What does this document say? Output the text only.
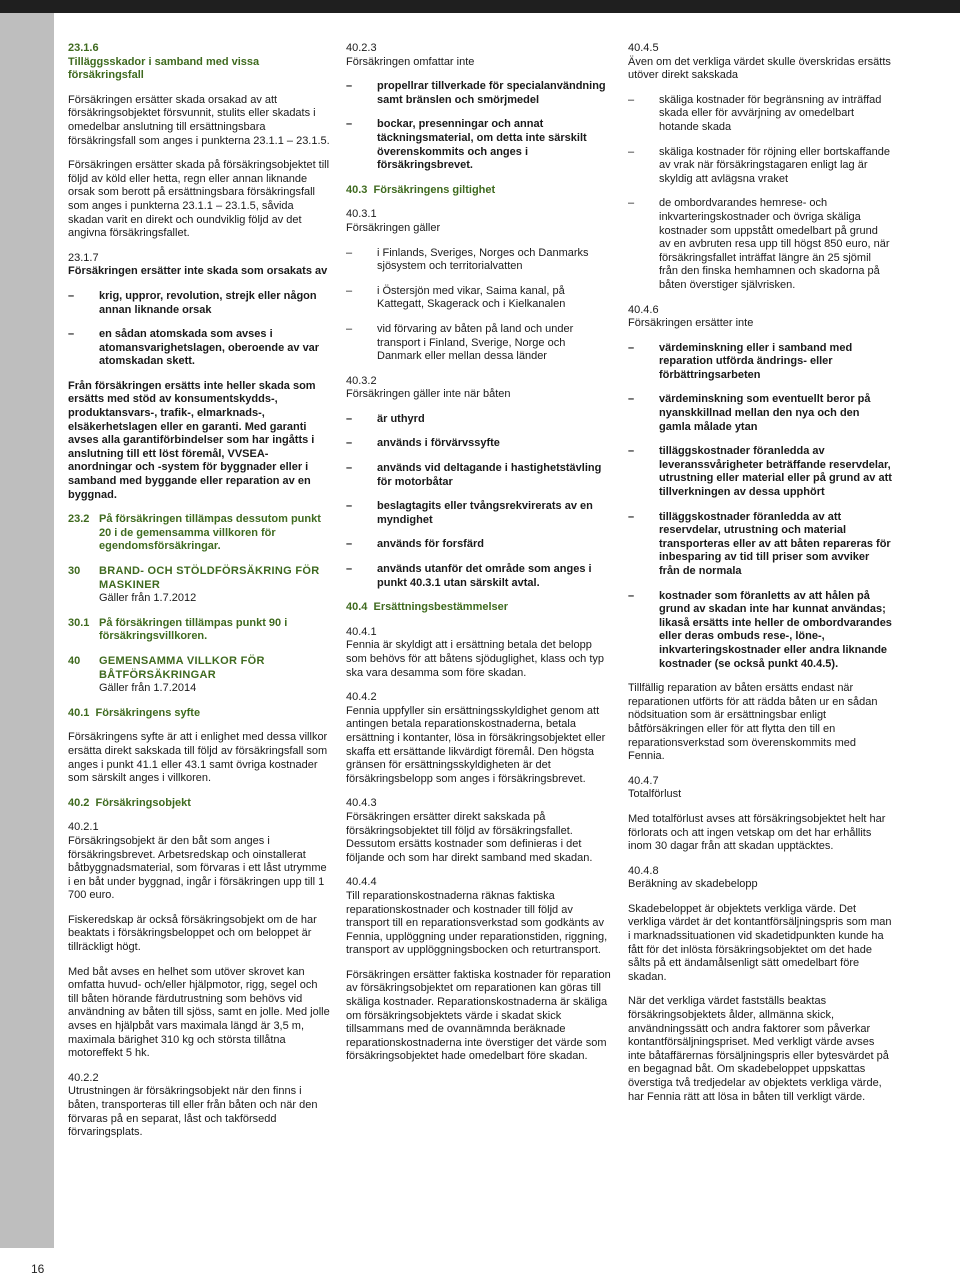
23.1.6
Tilläggsskador i samband med vissa försäkringsfall

Försäkringen ersätter skada orsakad av att försäkringsobjektet försvunnit, stulits eller skadats i omedelbar anslutning till ersättningsbara försäkringsfall som anges i punkterna 23.1.1 – 23.1.5.

Försäkringen ersätter skada på försäkringsobjektet till följd av köld eller hetta, regn eller annan liknande orsak som berott på ersättningsbara försäkringsfall som anges i punkterna 23.1.1 – 23.1.5, såvida skadan varit en direkt och oundviklig följd av det angivna försäkringsfallet.

23.1.7
Försäkringen ersätter inte skada som orsakats av
– krig, uppror, revolution, strejk eller någon annan liknande orsak
– en sådan atomskada som avses i atomansvarighetslagen, oberoende av var atomskadan skett.

Från försäkringen ersätts inte heller skada som ersätts med stöd av konsumentskydds-, produktansvars-, trafik-, elmarknads-, elsäkerhetslagen eller en garanti. Med garanti avses alla garantiförbindelser som har ingåtts i anslutning till ett löst föremål, VVSEA-anordningar och -system för byggnader eller i samband med byggande eller reparation av en byggnad.

23.2 På försäkringen tillämpas dessutom punkt 20 i de gemensamma villkoren för egendomsförsäkringar.
30 BRAND- OCH STÖLDFÖRSÄKRING FÖR MASKINER
Gäller från 1.7.2012
30.1 På försäkringen tillämpas punkt 90 i försäkringsvillkoren.
40 GEMENSAMMA VILLKOR FÖR BÅTFÖRSÄKRINGAR
Gäller från 1.7.2014
40.1 Försäkringens syfte

Försäkringens syfte är att i enlighet med dessa villkor ersätta direkt sakskada till följd av försäkringsfall som anges i punkt 41.1 eller 43.1 samt övriga kostnader som särskilt anges i villkoren.

40.2 Försäkringsobjekt
40.2.1
Försäkringsobjekt är den båt som anges i försäkringsbrevet. Arbetsredskap och oinstallerat båtbyggnadsmaterial, som förvaras i ett låst utrymme i en båt under byggnad, ingår i försäkringen upp till 1 700 euro.

Fiskeredskap är också försäkringsobjekt om de har beaktats i försäkringsbeloppet och om beloppet är tillräckligt högt.

Med båt avses en helhet som utöver skrovet kan omfatta huvud- och/eller hjälpmotor, rigg, segel och till båten hörande färdutrustning som behövs vid användning av båten till sjöss, samt en jolle. Med jolle avses en hjälpbåt vars maximala längd är 3,5 m, maximala bärighet 310 kg och största tillåtna motoreffekt 5 hk.

40.2.2
Utrustningen är försäkringsobjekt när den finns i båten, transporteras till eller från båten och när den förvaras på en separat, låst och takförsedd förvaringsplats.
40.2.3
Försäkringen omfattar inte
– propellrar tillverkade för specialanvändning samt bränslen och smörjmedel
– bockar, presenningar och annat täckningsmaterial, om detta inte särskilt överenskommits och anges i försäkringsbrevet.
40.3 Försäkringens giltighet
40.3.1
Försäkringen gäller
– i Finlands, Sveriges, Norges och Danmarks sjösystem och territorialvatten
– i Östersjön med vikar, Saima kanal, på Kattegatt, Skagerack och i Kielkanalen
– vid förvaring av båten på land och under transport i Finland, Sverige, Norge och Danmark eller mellan dessa länder
40.3.2
Försäkringen gäller inte när båten
– är uthyrd
– används i förvärvssyfte
– används vid deltagande i hastighetstävling för motorbåtar
– beslagtagits eller tvångsrekvirerats av en myndighet
– används för forsfärd
– används utanför det område som anges i punkt 40.3.1 utan särskilt avtal.
40.4 Ersättningsbestämmelser
40.4.1
Fennia är skyldigt att i ersättning betala det belopp som behövs för att båtens sjöduglighet, klass och typ ska vara desamma som före skadan.
40.4.2
Fennia uppfyller sin ersättningsskyldighet genom att antingen betala reparationskostnaderna, betala ersättning i kontanter, lösa in försäkringsobjektet eller skaffa ett ersättande likvärdigt föremål. Den högsta gränsen för ersättningsskyldigheten är det försäkringsbelopp som anges i försäkringsbrevet.
40.4.3
Försäkringen ersätter direkt sakskada på försäkringsobjektet till följd av försäkringsfallet. Dessutom ersätts kostnader som definieras i det följande och som har direkt samband med skadan.
40.4.4
Till reparationskostnaderna räknas faktiska reparationskostnader och kostnader till följd av transport till en reparationsverkstad som godkänts av Fennia, upplöggning under reparationstiden, riggning, transport av upplöggningsbocken och returtransport.

Försäkringen ersätter faktiska kostnader för reparation av försäkringsobjektet om reparationen kan göras till skäliga kostnader. Reparationskostnaderna är skäliga om försäkringsobjektets värde i skadat skick tillsammans med de ovannämnda beräknade reparationskostnaderna inte överstiger det värde som försäkringsobjektet hade omedelbart före skadan.

40.4.5
Även om det verkliga värdet skulle överskridas ersätts utöver direkt sakskada
– skäliga kostnader för begränsning av inträffad skada eller för avvärjning av omedelbart hotande skada
– skäliga kostnader för röjning eller bortskaffande av vrak när försäkringstagaren enligt lag är skyldig att avlägsna vraket
– de ombordvarandes hemrese- och inkvarteringskostnader och övriga skäliga kostnader som uppstått omedelbart på grund av en avbruten resa upp till högst 850 euro, när försäkringsfallet inträffat längre än 25 sjömil från den finska hemhamnen och skadorna på båten överstiger självrisken.
40.4.6
Försäkringen ersätter inte
– värdeminskning eller i samband med reparation utförda ändrings- eller förbättringsarbeten
– värdeminskning som eventuellt beror på nyanskkillnad mellan den nya och den gamla målade ytan
– tilläggskostnader föranledda av leveranssvårigheter beträffande reservdelar, utrustning eller material eller på grund av att tillverkningen av dessa upphört
– tilläggskostnader föranledda av att reservdelar, utrustning och material transporteras eller av att båten repareras för inbesparing av tid till priser som avviker från de normala
– kostnader som föranletts av att hålen på grund av skadan inte har kunnat användas; likaså ersätts inte heller de ombordvarandes eller deras ombuds rese-, löne-, inkvarteringskostnader eller andra liknande kostnader (se också punkt 40.4.5).

Tillfällig reparation av båten ersätts endast när reparationen utförts för att rädda båten ur en sådan nödsituation som är ersättningsbar enligt båtförsäkringen eller för att flytta den till en reparationsverkstad som överenskommits med Fennia.

40.4.7
Totalförlust

Med totalförlust avses att försäkringsobjektet helt har förlorats och att ingen vetskap om det har erhållits inom 30 dagar från att skadan upptäcktes.

40.4.8
Beräkning av skadebelopp

Skadebeloppet är objektets verkliga värde. Det verkliga värdet är det kontantförsäljningspris som man i marknadssituationen vid skadetidpunkten kunde ha fått för det inlösta försäkringsobjektet om det hade sålts på ett ändamålsenligt sätt omedelbart före skadan.

När det verkliga värdet fastställs beaktas försäkringsobjektets ålder, allmänna skick, användningssätt och andra faktorer som påverkar kontantförsäljningspriset. Med verkligt värde avses inte båtaffärernas försäljningspris eller bytesvärdet på en begagnad båt. Om skadebeloppet uppskattas överstiga två tredjedelar av objektets verkliga värde, har Fennia rätt att lösa in båten till verkligt värde.

16
